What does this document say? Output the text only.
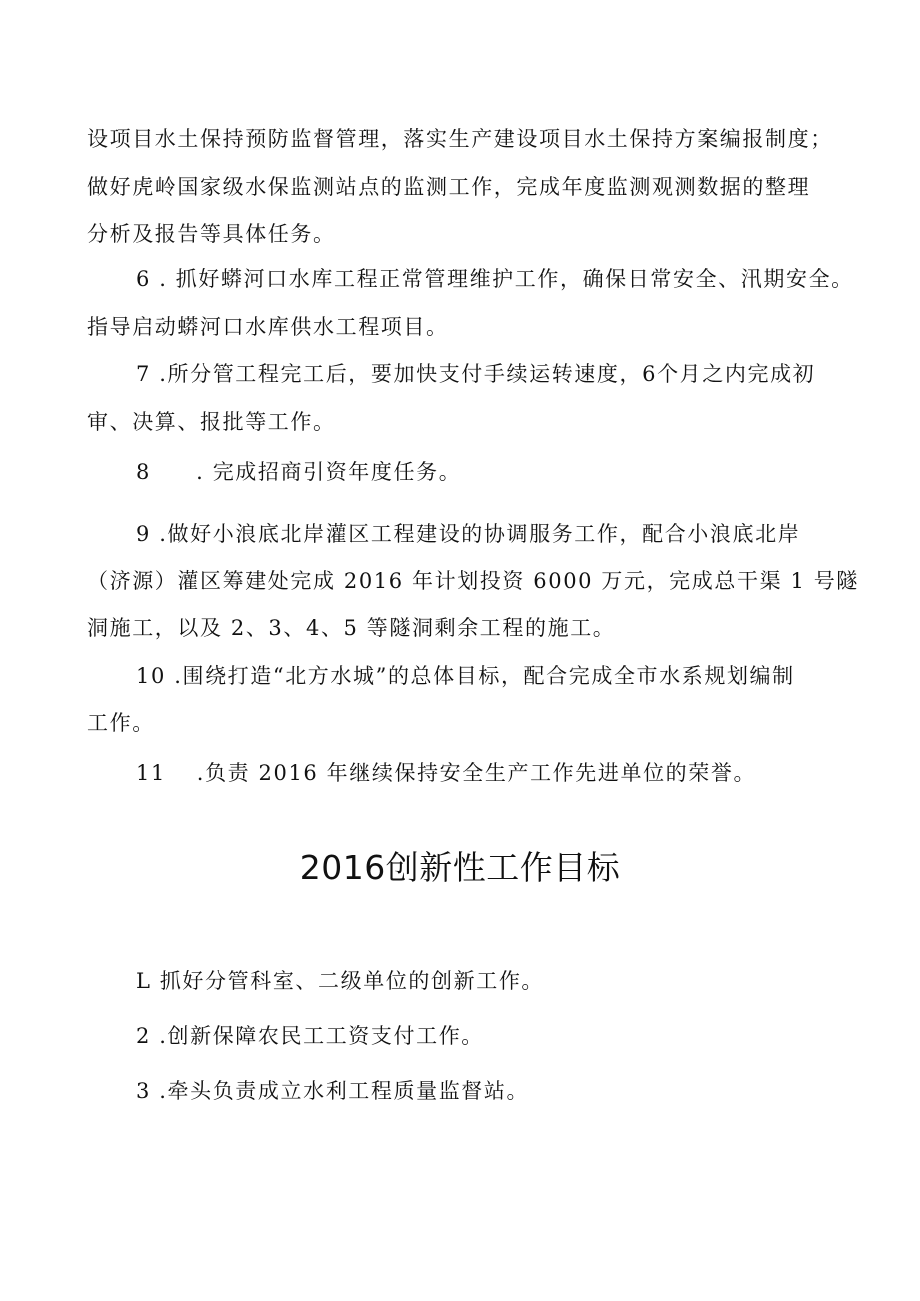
设项目水土保持预防监督管理，落实生产建设项目水土保持方案编报制度；
做好虎岭国家级水保监测站点的监测工作，完成年度监测观测数据的整理
分析及报告等具体任务。
6 . 抓好蟒河口水库工程正常管理维护工作，确保日常安全、汛期安全。
指导启动蟒河口水库供水工程项目。
7 .所分管工程完工后，要加快支付手续运转速度，6个月之内完成初
审、决算、报批等工作。
8　　. 完成招商引资年度任务。
9 .做好小浪底北岸灌区工程建设的协调服务工作，配合小浪底北岸
（济源）灌区筹建处完成 2016 年计划投资 6000 万元，完成总干渠 1 号隧
洞施工，以及 2、3、4、5 等隧洞剩余工程的施工。
10 .围绕打造“北方水城”的总体目标，配合完成全市水系规划编制
工作。
11　 .负责 2016 年继续保持安全生产工作先进单位的荣誉。
2016创新性工作目标
L 抓好分管科室、二级单位的创新工作。
2 .创新保障农民工工资支付工作。
3 .牵头负责成立水利工程质量监督站。
